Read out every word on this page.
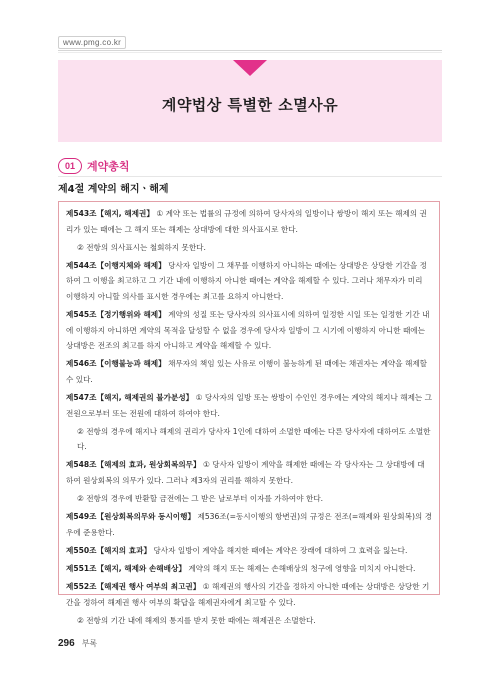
www.pmg.co.kr
계약법상 특별한 소멸사유
01	계약총칙
제4절 계약의 해지ㆍ해제

제543조【해지, 해제권】 ① 계약 또는 법률의 규정에 의하여 당사자의 일방이나 쌍방이 해지 또는 해제의 권리가 있는 때에는 그 해지 또는 해제는 상대방에 대한 의사표시로 한다.

② 전항의 의사표시는 철회하지 못한다.

제544조【이행지체와 해제】 당사자 일방이 그 채무를 이행하지 아니하는 때에는 상대방은 상당한 기간을 정하여 그 이행을 최고하고 그 기간 내에 이행하지 아니한 때에는 계약을 해제할 수 있다. 그러나 채무자가 미리 이행하지 아니할 의사를 표시한 경우에는 최고를 요하지 아니한다.

제545조【정기행위와 해제】 계약의 성질 또는 당사자의 의사표시에 의하여 일정한 시일 또는 일정한 기간 내에 이행하지 아니하면 계약의 목적을 달성할 수 없을 경우에 당사자 일방이 그 시기에 이행하지 아니한 때에는 상대방은 전조의 최고를 하지 아니하고 계약을 해제할 수 있다.

제546조【이행불능과 해제】 채무자의 책임 있는 사유로 이행이 불능하게 된 때에는 채권자는 계약을 해제할 수 있다.

제547조【해지, 해제권의 불가분성】 ① 당사자의 일방 또는 쌍방이 수인인 경우에는 계약의 해지나 해제는 그 전원으로부터 또는 전원에 대하여 하여야 한다.

② 전항의 경우에 해지나 해제의 권리가 당사자 1인에 대하여 소멸한 때에는 다른 당사자에 대하여도 소멸한다.

제548조【해제의 효과, 원상회복의무】 ① 당사자 일방이 계약을 해제한 때에는 각 당사자는 그 상대방에 대하여 원상회복의 의무가 있다. 그러나 제3자의 권리를 해하지 못한다.

② 전항의 경우에 반환할 금전에는 그 받은 날로부터 이자를 가하여야 한다.

제549조【원상회복의무와 동시이행】 제536조(=동시이행의 항변권)의 규정은 전조(=해제와 원상회복)의 경우에 준용한다.

제550조【해지의 효과】 당사자 일방이 계약을 해지한 때에는 계약은 장래에 대하여 그 효력을 잃는다.

제551조【해지, 해제와 손해배상】 계약의 해지 또는 해제는 손해배상의 청구에 영향을 미치지 아니한다.

제552조【해제권 행사 여부의 최고권】 ① 해제권의 행사의 기간을 정하지 아니한 때에는 상대방은 상당한 기간을 정하여 해제권 행사 여부의 확답을 해제권자에게 최고할 수 있다.

② 전항의 기간 내에 해제의 통지를 받지 못한 때에는 해제권은 소멸한다.

296 부록
